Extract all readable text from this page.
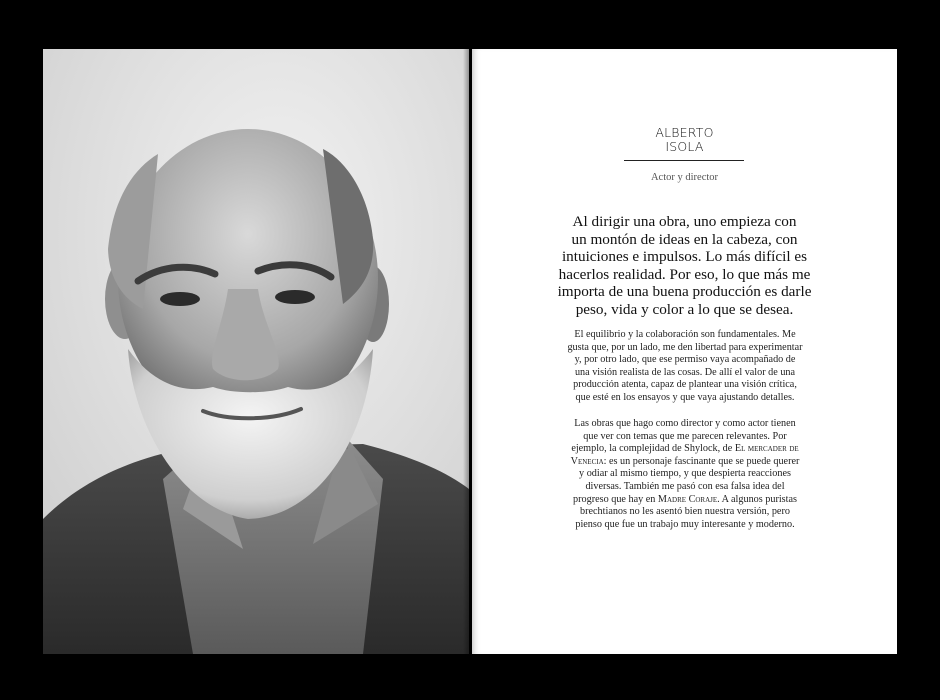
ALBERTO
ISOLA
Actor y director
Al dirigir una obra, uno empieza con
un montón de ideas en la cabeza, con
intuiciones e impulsos. Lo más difícil es
hacerlos realidad. Por eso, lo que más me
importa de una buena producción es darle
peso, vida y color a lo que se desea.
El equilibrio y la colaboración son fundamentales. Me
gusta que, por un lado, me den libertad para experimentar
y, por otro lado, que ese permiso vaya acompañado de
una visión realista de las cosas. De allí el valor de una
producción atenta, capaz de plantear una visión crítica,
que esté en los ensayos y que vaya ajustando detalles.
Las obras que hago como director y como actor tienen
que ver con temas que me parecen relevantes. Por
ejemplo, la complejidad de Shylock, de El mercader de
Venecia: es un personaje fascinante que se puede querer
y odiar al mismo tiempo, y que despierta reacciones
diversas. También me pasó con esa falsa idea del
progreso que hay en Madre Coraje. A algunos puristas
brechtianos no les asentó bien nuestra versión, pero
pienso que fue un trabajo muy interesante y moderno.
